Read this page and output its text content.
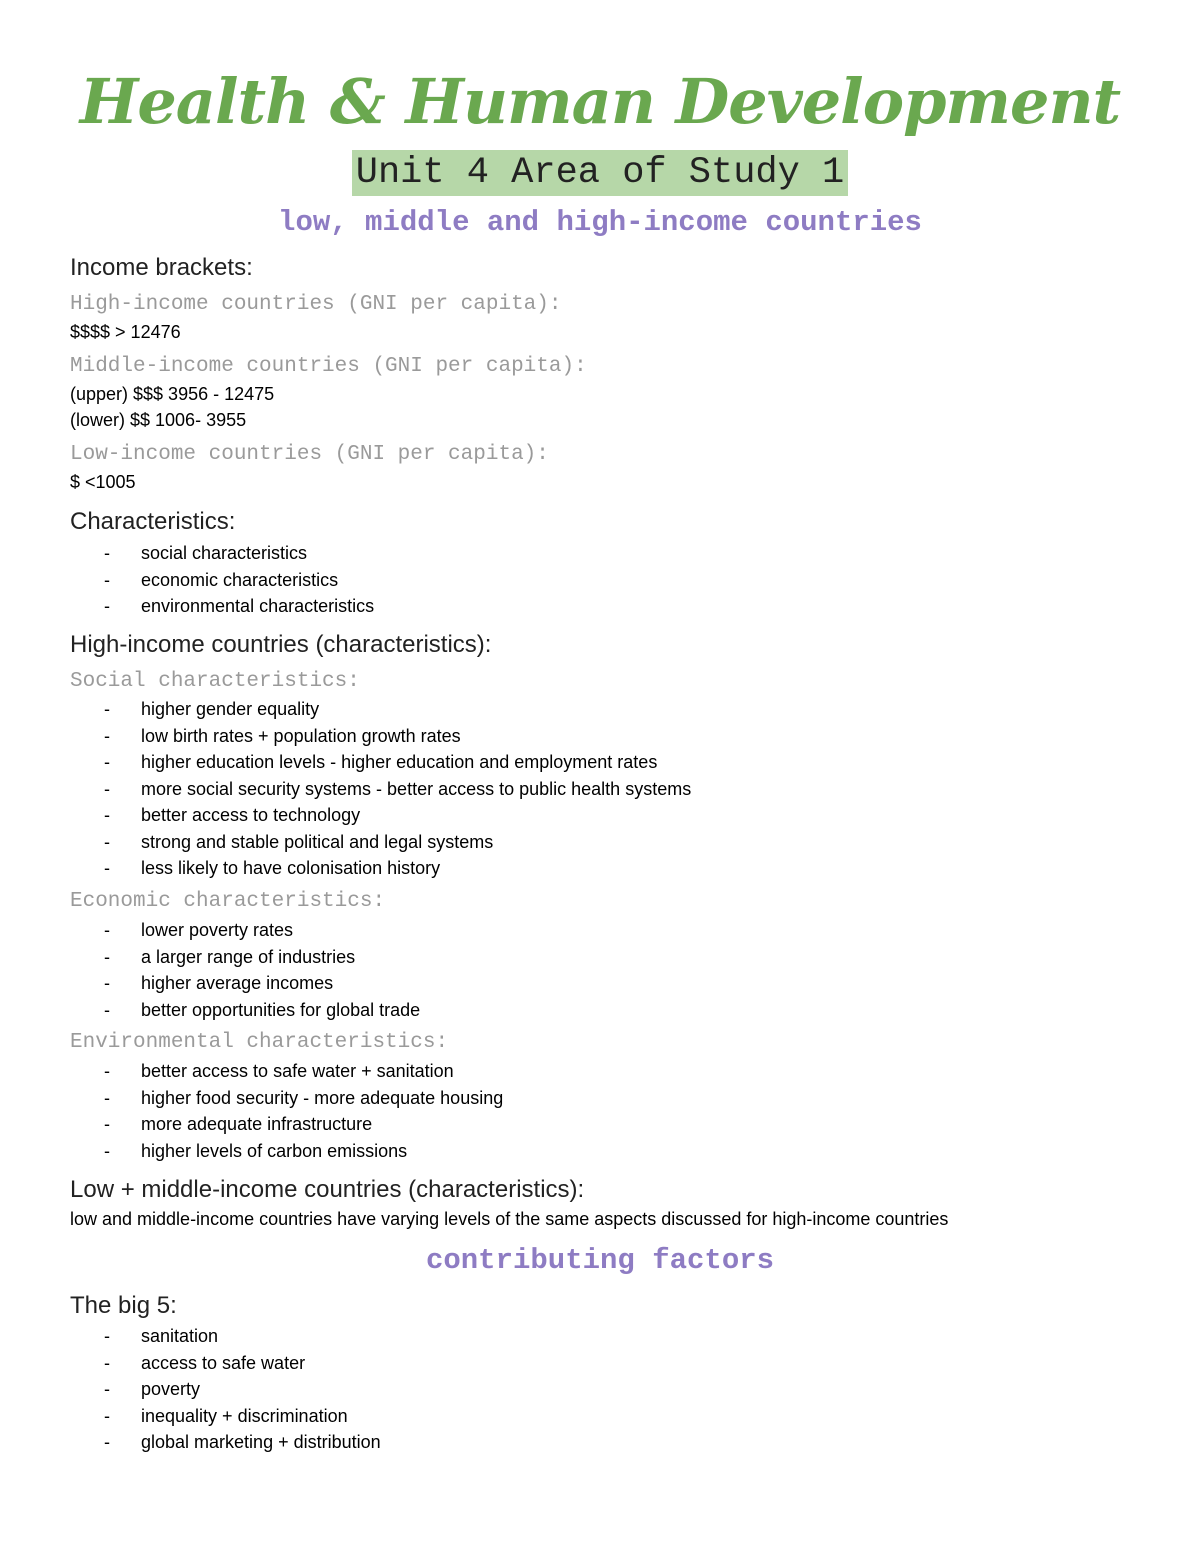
Health & Human Development
Unit 4 Area of Study 1
low, middle and high-income countries
Income brackets:
High-income countries (GNI per capita):
$$$$ > 12476
Middle-income countries (GNI per capita):
(upper) $$$ 3956 - 12475
(lower) $$ 1006- 3955
Low-income countries (GNI per capita):
$ <1005
Characteristics:
- social characteristics
- economic characteristics
- environmental characteristics
High-income countries (characteristics):
Social characteristics:
- higher gender equality
- low birth rates + population growth rates
- higher education levels - higher education and employment rates
- more social security systems - better access to public health systems
- better access to technology
- strong and stable political and legal systems
- less likely to have colonisation history
Economic characteristics:
- lower poverty rates
- a larger range of industries
- higher average incomes
- better opportunities for global trade
Environmental characteristics:
- better access to safe water + sanitation
- higher food security - more adequate housing
- more adequate infrastructure
- higher levels of carbon emissions
Low + middle-income countries (characteristics):
low and middle-income countries have varying levels of the same aspects discussed for high-income countries
contributing factors
The big 5:
- sanitation
- access to safe water
- poverty
- inequality + discrimination
- global marketing + distribution
